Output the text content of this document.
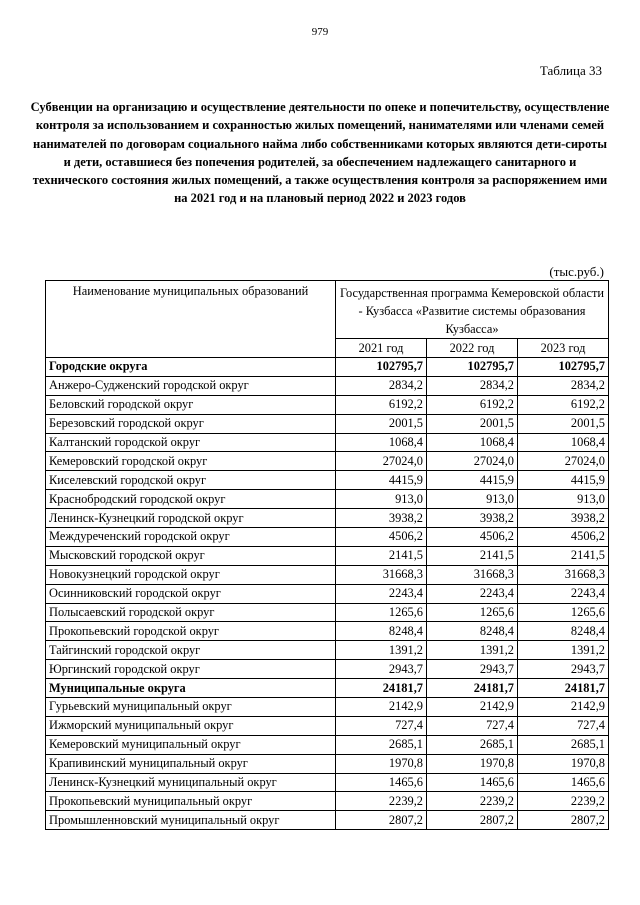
979
Таблица 33
Субвенции на организацию и осуществление деятельности по опеке и попечительству, осуществление контроля за использованием и сохранностью жилых помещений, нанимателями или членами семей нанимателей по договорам социального найма либо собственниками которых являются дети-сироты и дети, оставшиеся без попечения родителей, за обеспечением надлежащего санитарного и технического состояния жилых помещений, а также осуществления контроля за распоряжением ими на 2021 год и на плановый период 2022 и 2023 годов
(тыс.руб.)
Наименование муниципальных образований	Государственная программа Кемеровской области - Кузбасса «Развитие системы образования Кузбасса»		
	2021 год	2022 год	2023 год
Городские округа	102795,7	102795,7	102795,7
Анжеро-Судженский городской округ	2834,2	2834,2	2834,2
Беловский городской округ	6192,2	6192,2	6192,2
Березовский городской округ	2001,5	2001,5	2001,5
Калтанский городской округ	1068,4	1068,4	1068,4
Кемеровский городской округ	27024,0	27024,0	27024,0
Киселевский городской округ	4415,9	4415,9	4415,9
Краснобродский городской округ	913,0	913,0	913,0
Ленинск-Кузнецкий городской округ	3938,2	3938,2	3938,2
Междуреченский городской округ	4506,2	4506,2	4506,2
Мысковский городской округ	2141,5	2141,5	2141,5
Новокузнецкий городской округ	31668,3	31668,3	31668,3
Осинниковский городской округ	2243,4	2243,4	2243,4
Полысаевский городской округ	1265,6	1265,6	1265,6
Прокопьевский городской округ	8248,4	8248,4	8248,4
Тайгинский городской округ	1391,2	1391,2	1391,2
Юргинский городской округ	2943,7	2943,7	2943,7
Муниципальные округа	24181,7	24181,7	24181,7
Гурьевский муниципальный округ	2142,9	2142,9	2142,9
Ижморский муниципальный округ	727,4	727,4	727,4
Кемеровский муниципальный округ	2685,1	2685,1	2685,1
Крапивинский муниципальный округ	1970,8	1970,8	1970,8
Ленинск-Кузнецкий муниципальный округ	1465,6	1465,6	1465,6
Прокопьевский муниципальный округ	2239,2	2239,2	2239,2
Промышленновский муниципальный округ	2807,2	2807,2	2807,2
